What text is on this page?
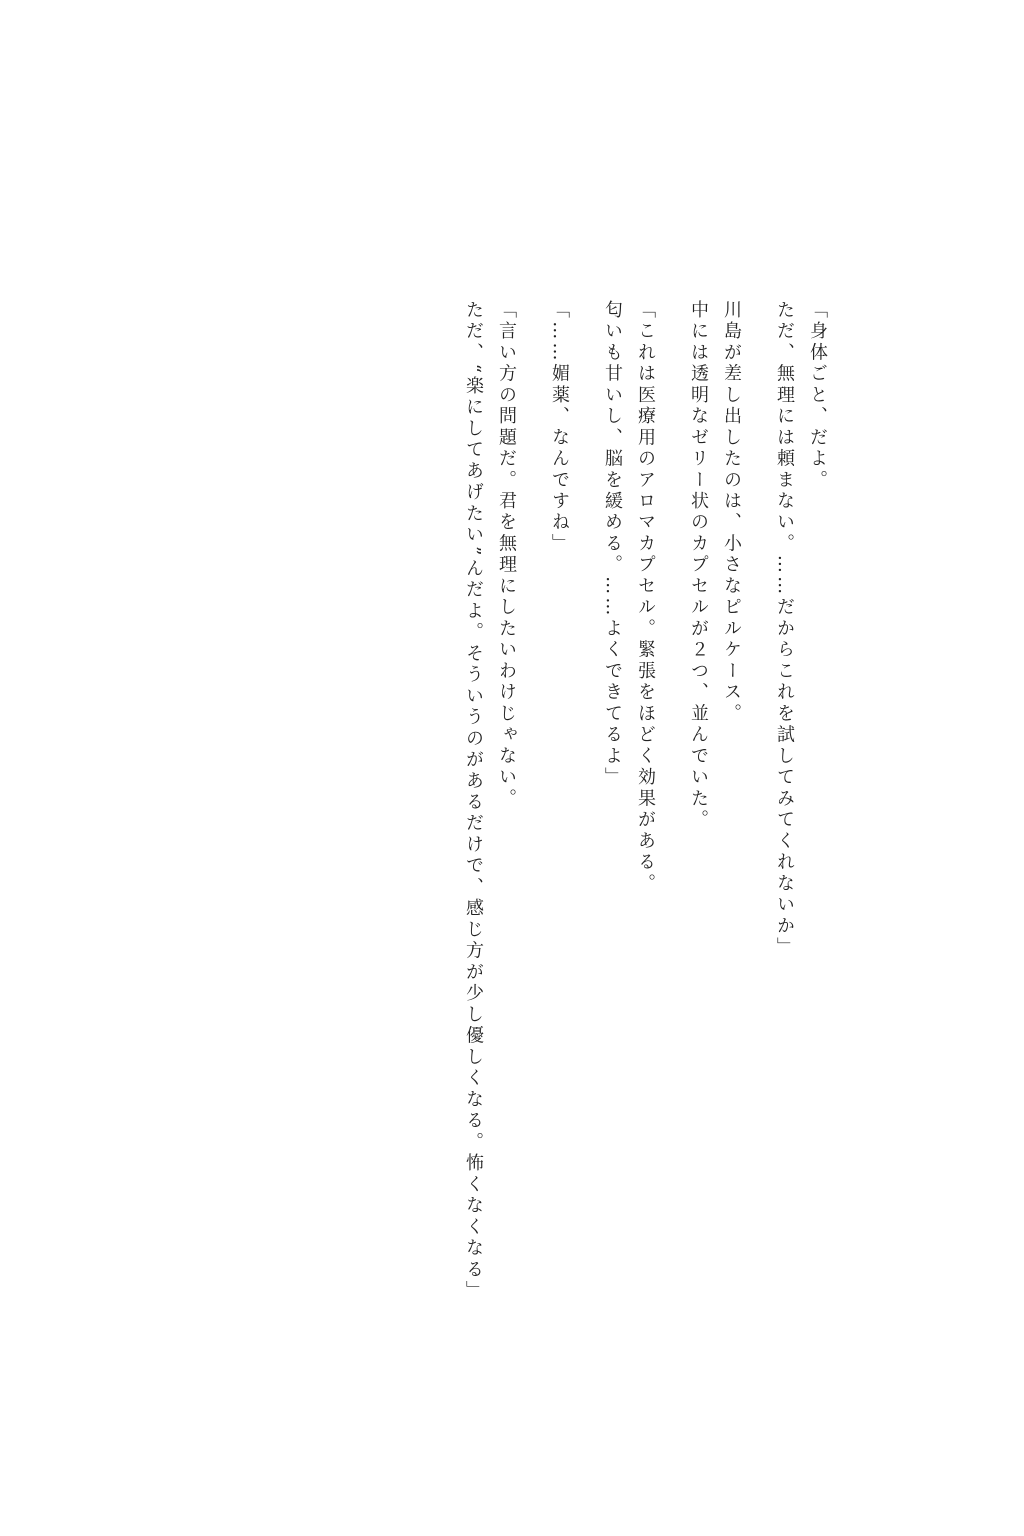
「身体ごと、だよ。

ただ、無理には頼まない。……だからこれを試してみてくれないか」

川島が差し出したのは、小さなピルケース。

中には透明なゼリー状のカプセルが２つ、並んでいた。

「これは医療用のアロマカプセル。緊張をほどく効果がある。

匂いも甘いし、脳を緩める。……よくできてるよ」

「……媚薬、なんですね」

「言い方の問題だ。君を無理にしたいわけじゃない。

ただ、“楽にしてあげたい”んだよ。そういうのがあるだけで、感じ方が少し優しくなる。怖くなくなる」
